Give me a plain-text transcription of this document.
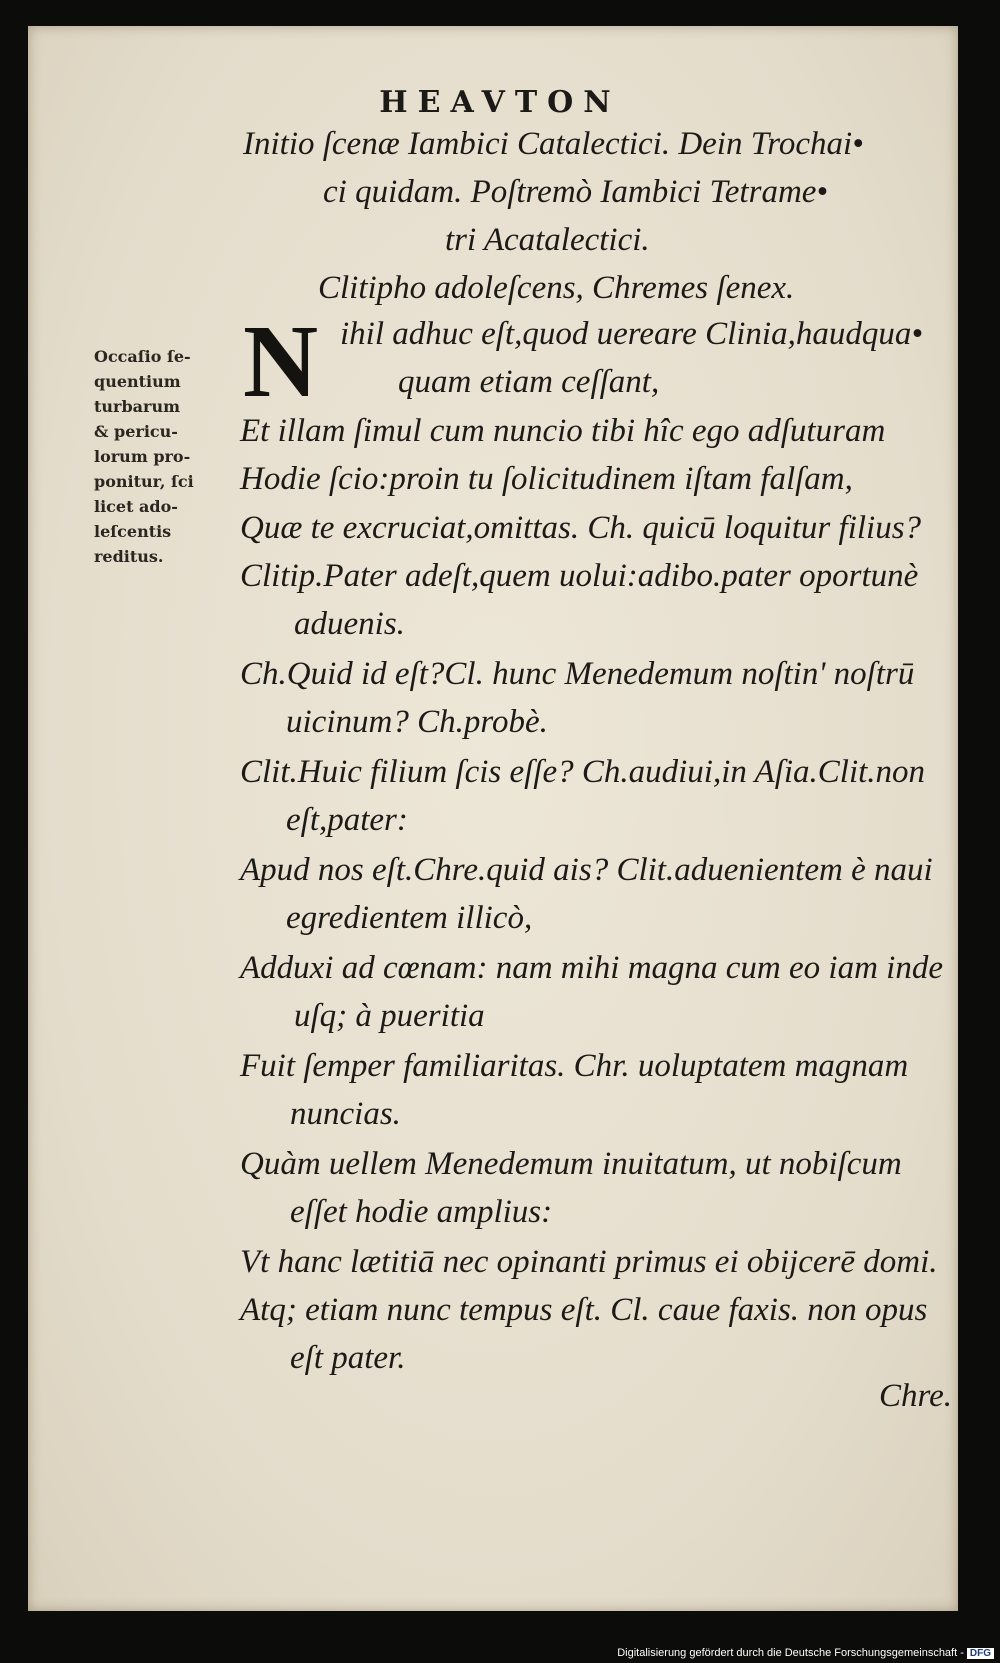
HEAVTON
Initio ſcenæ Iambici Catalectici. Dein Trochai•
ci quidam. Poſtremò Iambici Tetrame•
tri Acatalectici.
Clitipho adoleſcens, Chremes ſenex.
N
Occaſio ſe-
quentium
turbarum
& pericu-
lorum pro-
ponitur, ſci
licet ado-
leſcentis
reditus.
ihil adhuc eſt,quod uereare Clinia,haudqua•
quam etiam ceſſant,
Et illam ſimul cum nuncio tibi hîc ego adſuturam
Hodie ſcio:proin tu ſolicitudinem iſtam falſam,
Quæ te excruciat,omittas. Ch. quicū loquitur filius?
Clitip.Pater adeſt,quem uolui:adibo.pater oportunè
aduenis.
Ch.Quid id eſt?Cl. hunc Menedemum noſtin' noſtrū
uicinum? Ch.probè.
Clit.Huic filium ſcis eſſe? Ch.audiui,in Aſia.Clit.non
eſt,pater:
Apud nos eſt.Chre.quid ais? Clit.aduenientem è naui
egredientem illicò,
Adduxi ad cœnam: nam mihi magna cum eo iam inde
uſq; à pueritia
Fuit ſemper familiaritas. Chr. uoluptatem magnam
nuncias.
Quàm uellem Menedemum inuitatum, ut nobiſcum
eſſet hodie amplius:
Vt hanc lætitiā nec opinanti primus ei obijcerē domi.
Atq; etiam nunc tempus eſt. Cl. caue faxis. non opus
eſt pater.
Chre.
Digitalisierung gefördert durch die Deutsche Forschungsgemeinschaft - DFG
